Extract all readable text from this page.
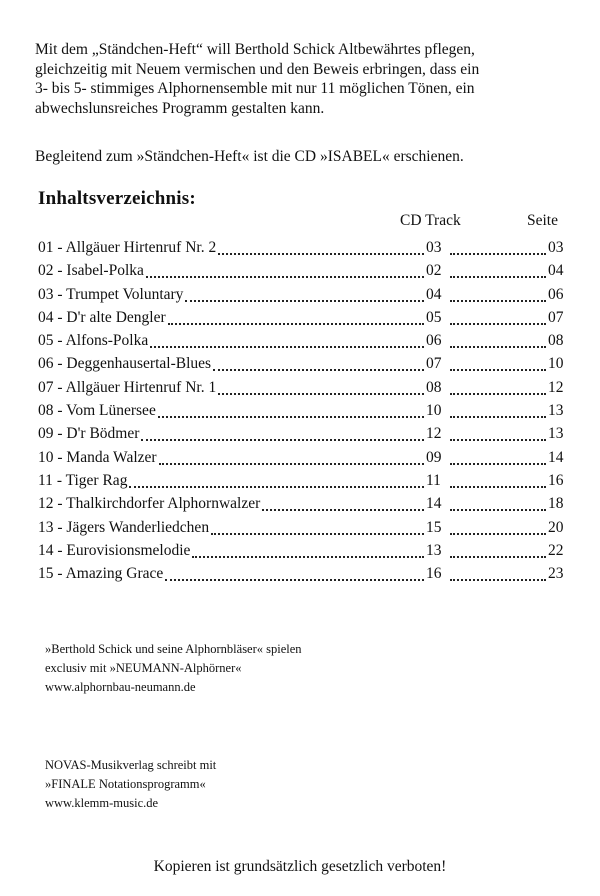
Mit dem „Ständchen-Heft“ will Berthold Schick Altbewährtes pflegen,

gleichzeitig mit Neuem vermischen und den Beweis erbringen, dass ein

3- bis 5- stimmiges Alphornensemble mit nur 11 möglichen Tönen, ein

abwechslunsreiches Programm gestalten kann.

Begleitend zum »Ständchen-Heft« ist die CD »ISABEL« erschienen.
Inhaltsverzeichnis:
CD Track	Seite
01 - Allgäuer Hirtenruf Nr. 2	03	03
02 - Isabel-Polka	02	04
03 - Trumpet Voluntary	04	06
04 - D'r alte Dengler	05	07
05 - Alfons-Polka	06	08
06 - Deggenhausertal-Blues	07	10
07 - Allgäuer Hirtenruf Nr. 1	08	12
08 - Vom Lünersee	10	13
09 - D'r Bödmer	12	13
10 - Manda Walzer	09	14
11 - Tiger Rag	11	16
12 - Thalkirchdorfer Alphornwalzer	14	18
13 - Jägers Wanderliedchen	15	20
14 - Eurovisionsmelodie	13	22
15 - Amazing Grace	16	23

»Berthold Schick und seine Alphornbläser« spielen

exclusiv mit »NEUMANN-Alphörner«

www.alphornbau-neumann.de

NOVAS-Musikverlag schreibt mit

»FINALE Notationsprogramm«

www.klemm-music.de

Kopieren ist grundsätzlich gesetzlich verboten!
